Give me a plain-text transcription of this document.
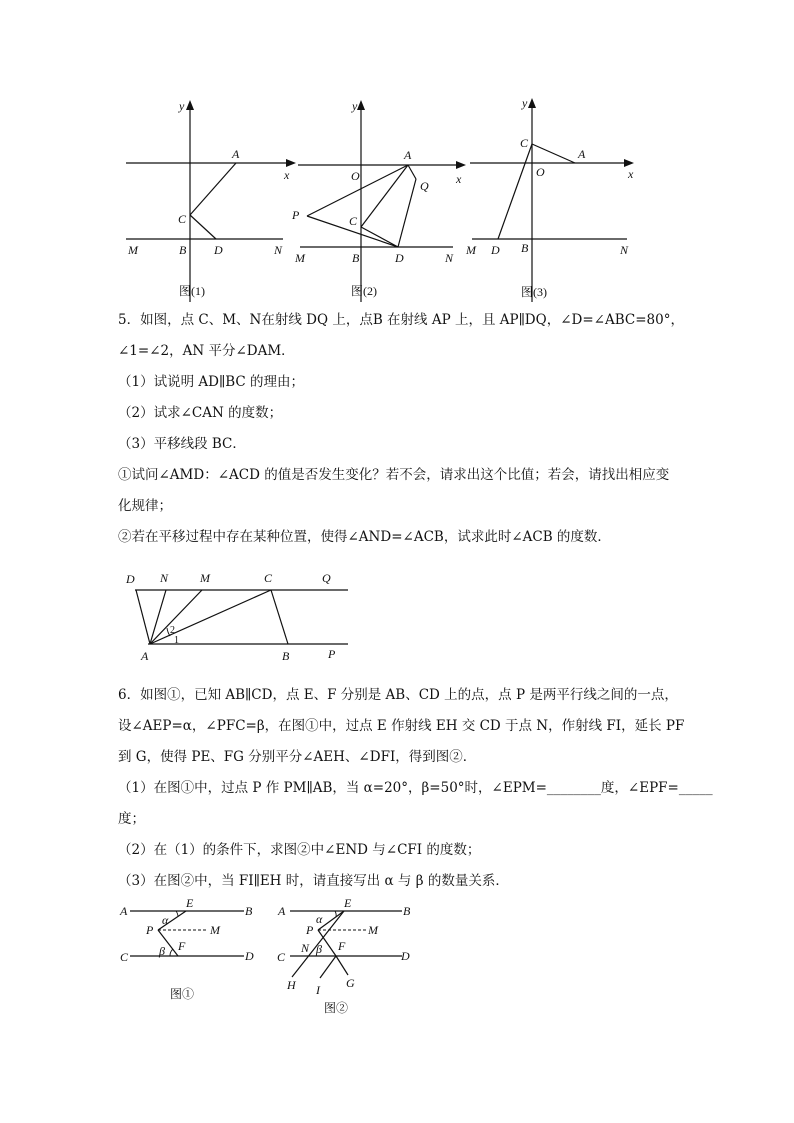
y
x
A
C
M	B D	N
图(1)
y
x
O
A
Q
P	C
M	B	D	N
图(2)
y
x
C
A
O
M D B	N
图(3)
5．如图，点 C、M、N在射线 DQ 上，点B 在射线 AP 上，且 AP∥DQ，∠D=∠ABC=80°，
∠1=∠2，AN 平分∠DAM．
（1）试说明 AD∥BC 的理由；
（2）试求∠CAN 的度数；
（3）平移线段 BC．
①试问∠AMD：∠ACD 的值是否发生变化？若不会，请求出这个比值；若会，请找出相应变
化规律；
②若在平移过程中存在某种位置，使得∠AND=∠ACB，试求此时∠ACB 的度数．
D N	M	C	Q
A	B	P
2
1
6．如图①，已知 AB∥CD，点 E、F 分别是 AB、CD 上的点，点 P 是两平行线之间的一点，
设∠AEP=α，∠PFC=β，在图①中，过点 E 作射线 EH 交 CD 于点 N，作射线 FI，延长 PF
到 G，使得 PE、FG 分别平分∠AEH、∠DFI，得到图②．
（1）在图①中，过点 P 作 PM∥AB，当 α=20°，β=50°时，∠EPM=________度，∠EPF=_____
度；
（2）在（1）的条件下，求图②中∠END 与∠CFI 的度数；
（3）在图②中，当 FI∥EH 时，请直接写出 α 与 β 的数量关系．
A
E
B
α
P	M
β F
C	D
图①
A
E
B
α
P	M
N β F
C	D
H I G
图②
